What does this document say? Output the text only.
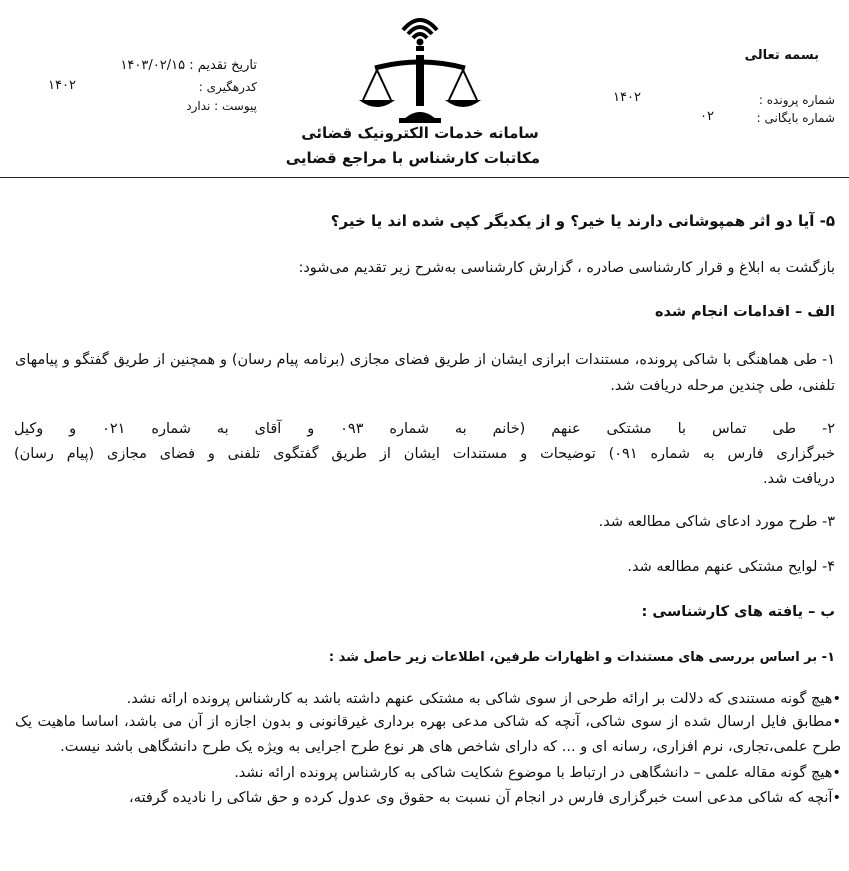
بسمه تعالی
شماره پرونده :
۱۴۰۲
شماره بایگانی :
۰۲
سامانه خدمات الکترونیک قضائی
مکاتبات کارشناس با مراجع قضایی
تاریخ تقدیم : ۱۴۰۳/۰۲/۱۵
کدرهگیری :
۱۴۰۲
پیوست : ندارد
۵- آیا دو اثر همپوشانی دارند یا خیر؟ و از یکدیگر کپی شده اند یا خیر؟
بازگشت به ابلاغ و قرار کارشناسی صادره ، گزارش کارشناسی به‌شرح زیر تقدیم می‌شود:
الف – اقدامات انجام شده
۱- طی هماهنگی با شاکی پرونده، مستندات ابرازی ایشان از طریق فضای مجازی (برنامه پیام رسان) و همچنین از طریق گفتگو و پیامهای تلفنی، طی چندین مرحله دریافت شد.
۲- طی تماس با مشتکی عنهم (خانم به شماره ۰۹۳ و آقای به شماره ۰۲۱ و وکیل
خبرگزاری فارس به شماره ۰۹۱) توضیحات و مستندات ایشان از طریق گفتگوی تلفنی و فضای مجازی (پیام رسان)
دریافت شد.
۳- طرح مورد ادعای شاکی مطالعه شد.
۴- لوایح مشتکی عنهم مطالعه شد.
ب – یافته های کارشناسی :
۱- بر اساس بررسی های مستندات و اظهارات طرفین، اطلاعات زیر حاصل شد :
•هیچ گونه مستندی که دلالت بر ارائه طرحی از سوی شاکی به مشتکی عنهم داشته باشد به کارشناس پرونده ارائه نشد.
•مطابق فایل ارسال شده از سوی شاکی، آنچه که شاکی مدعی بهره برداری غیرقانونی و بدون اجازه از آن می باشد، اساسا ماهیت یک طرح علمی،تجاری، نرم افزاری، رسانه ای و ... که دارای شاخص های هر نوع طرح اجرایی به ویژه یک طرح دانشگاهی باشد نیست.
•هیچ گونه مقاله علمی – دانشگاهی در ارتباط با موضوع شکایت شاکی به کارشناس پرونده ارائه نشد.
•آنچه که شاکی مدعی است خبرگزاری فارس در انجام آن نسبت به حقوق وی عدول کرده و حق شاکی را نادیده گرفته،
